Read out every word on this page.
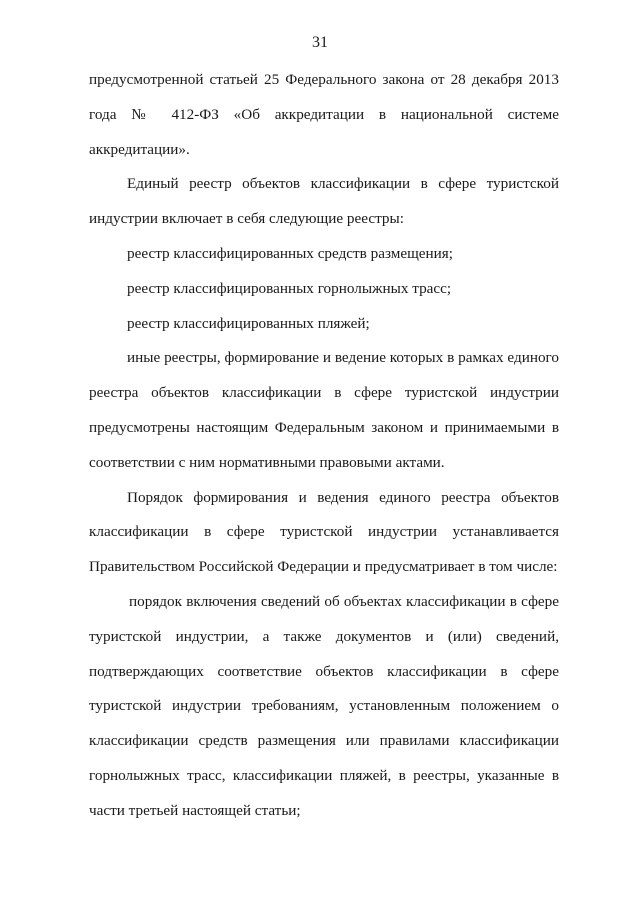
31
предусмотренной статьей 25 Федерального закона от 28 декабря 2013
года № 412-ФЗ «Об аккредитации в национальной системе
аккредитации».
Единый реестр объектов классификации в сфере туристской
индустрии включает в себя следующие реестры:
реестр классифицированных средств размещения;
реестр классифицированных горнолыжных трасс;
реестр классифицированных пляжей;
иные реестры, формирование и ведение которых в рамках единого
реестра объектов классификации в сфере туристской индустрии
предусмотрены настоящим Федеральным законом и принимаемыми в
соответствии с ним нормативными правовыми актами.
Порядок формирования и ведения единого реестра объектов
классификации в сфере туристской индустрии устанавливается
Правительством Российской Федерации и предусматривает в том числе:
порядок включения сведений об объектах классификации в сфере
туристской индустрии, а также документов и (или) сведений,
подтверждающих соответствие объектов классификации в сфере
туристской индустрии требованиям, установленным положением о
классификации средств размещения или правилами классификации
горнолыжных трасс, классификации пляжей, в реестры, указанные в
части третьей настоящей статьи;
